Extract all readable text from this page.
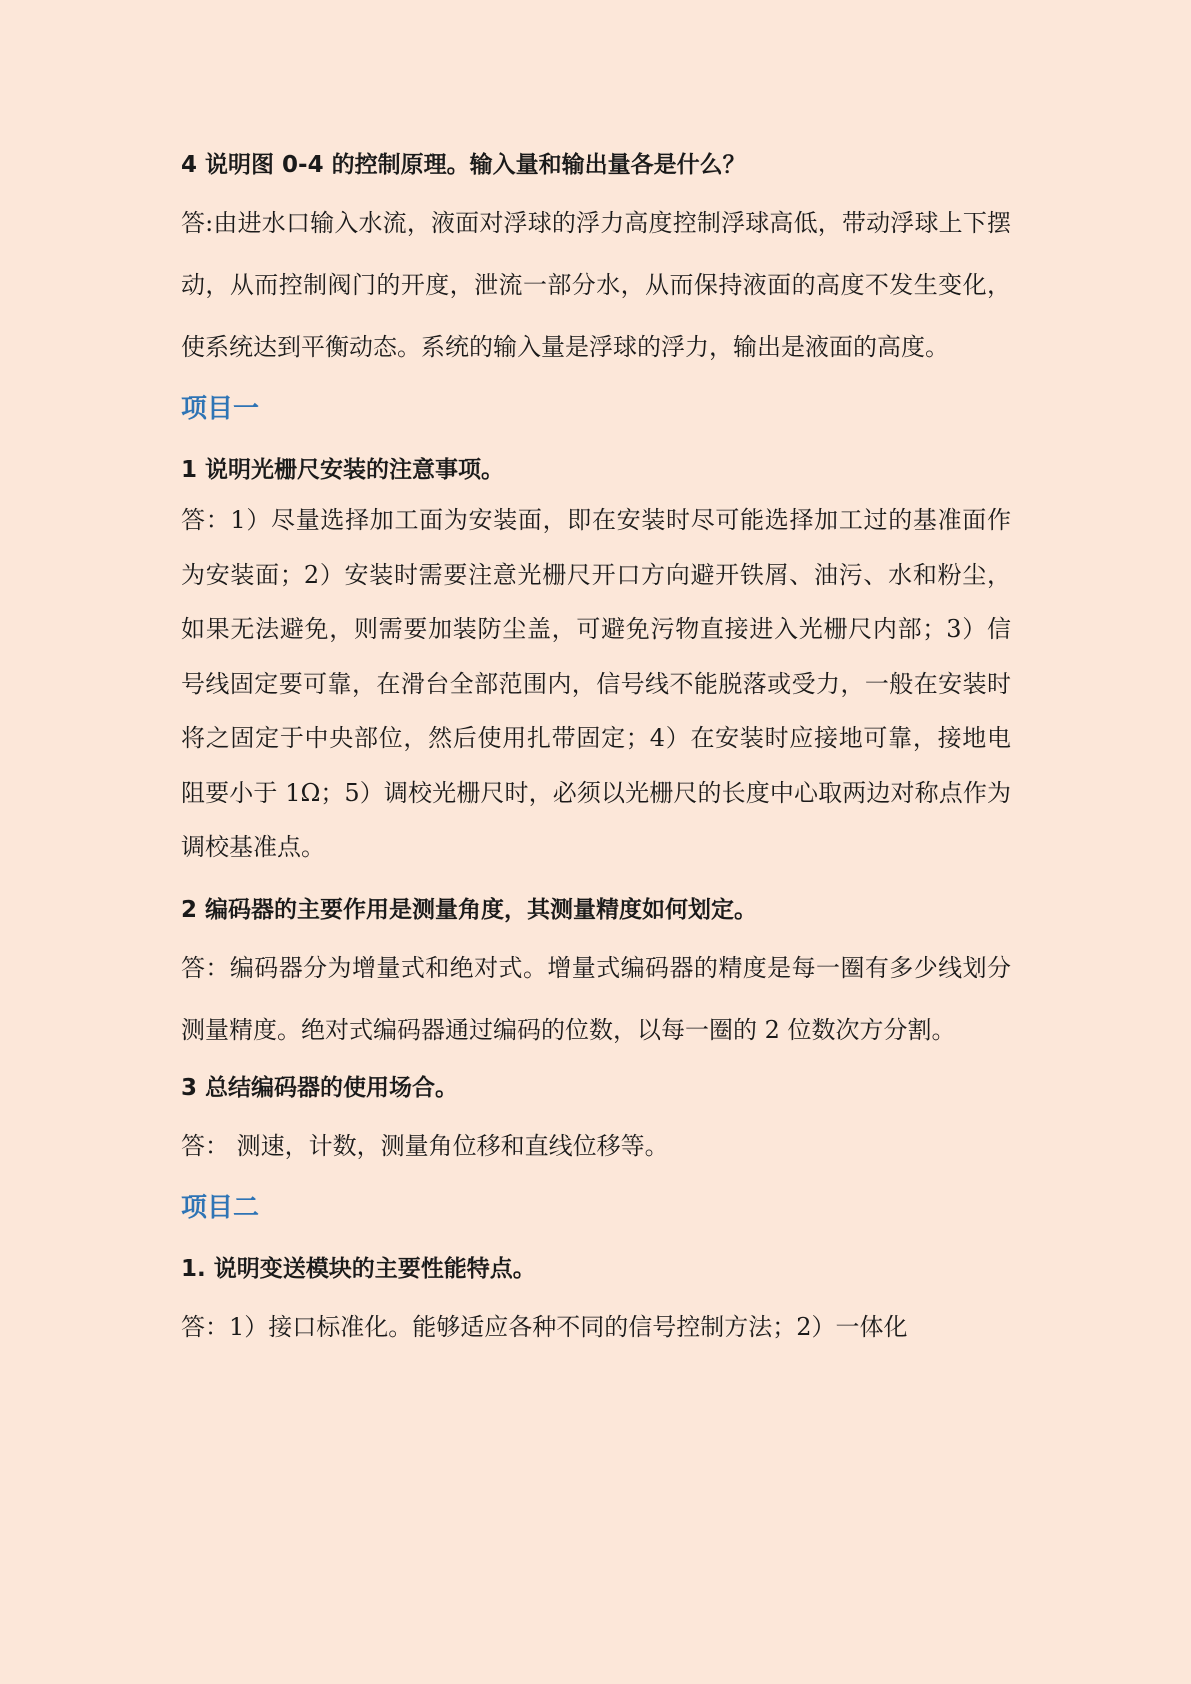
4 说明图 0-4 的控制原理。输入量和输出量各是什么？

答:由进水口输入水流，液面对浮球的浮力高度控制浮球高低，带动浮球上下摆动，从而控制阀门的开度，泄流一部分水，从而保持液面的高度不发生变化，使系统达到平衡动态。系统的输入量是浮球的浮力，输出是液面的高度。

项目一

1 说明光栅尺安装的注意事项。

答：1）尽量选择加工面为安装面，即在安装时尽可能选择加工过的基准面作为安装面；2）安装时需要注意光栅尺开口方向避开铁屑、油污、水和粉尘，如果无法避免，则需要加装防尘盖，可避免污物直接进入光栅尺内部；3）信号线固定要可靠，在滑台全部范围内，信号线不能脱落或受力，一般在安装时将之固定于中央部位，然后使用扎带固定；4）在安装时应接地可靠，接地电阻要小于 1Ω；5）调校光栅尺时，必须以光栅尺的长度中心取两边对称点作为调校基准点。

2 编码器的主要作用是测量角度，其测量精度如何划定。

答：编码器分为增量式和绝对式。增量式编码器的精度是每一圈有多少线划分测量精度。绝对式编码器通过编码的位数，以每一圈的 2 位数次方分割。

3 总结编码器的使用场合。

答： 测速，计数，测量角位移和直线位移等。

项目二

1. 说明变送模块的主要性能特点。

答：1）接口标准化。能够适应各种不同的信号控制方法；2）一体化
